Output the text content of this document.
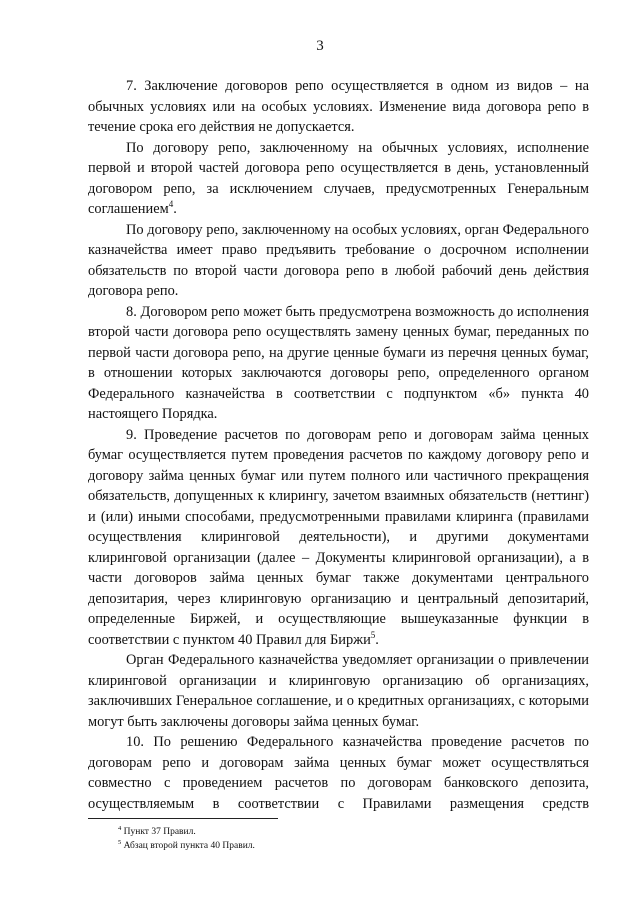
3

7. Заключение договоров репо осуществляется в одном из видов – на обычных условиях или на особых условиях. Изменение вида договора репо в течение срока его действия не допускается.

По договору репо, заключенному на обычных условиях, исполнение первой и второй частей договора репо осуществляется в день, установленный договором репо, за исключением случаев, предусмотренных Генеральным соглашением$^4$.

По договору репо, заключенному на особых условиях, орган Федерального казначейства имеет право предъявить требование о досрочном исполнении обязательств по второй части договора репо в любой рабочий день действия договора репо.

8. Договором репо может быть предусмотрена возможность до исполнения второй части договора репо осуществлять замену ценных бумаг, переданных по первой части договора репо, на другие ценные бумаги из перечня ценных бумаг, в отношении которых заключаются договоры репо, определенного органом Федерального казначейства в соответствии с подпунктом «б» пункта 40 настоящего Порядка.

9. Проведение расчетов по договорам репо и договорам займа ценных бумаг осуществляется путем проведения расчетов по каждому договору репо и договору займа ценных бумаг или путем полного или частичного прекращения обязательств, допущенных к клирингу, зачетом взаимных обязательств (неттинг) и (или) иными способами, предусмотренными правилами клиринга (правилами осуществления клиринговой деятельности), и другими документами клиринговой организации (далее – Документы клиринговой организации), а в части договоров займа ценных бумаг также документами центрального депозитария, через клиринговую организацию и центральный депозитарий, определенные Биржей, и осуществляющие вышеуказанные функции в соответствии с пунктом 40 Правил для Биржи$^5$.

Орган Федерального казначейства уведомляет организации о привлечении клиринговой организации и клиринговую организацию об организациях, заключивших Генеральное соглашение, и о кредитных организациях, с которыми могут быть заключены договоры займа ценных бумаг.

10. По решению Федерального казначейства проведение расчетов по договорам репо и договорам займа ценных бумаг может осуществляться совместно с проведением расчетов по договорам банковского депозита, осуществляемым в соответствии с Правилами размещения средств

$^4$ Пункт 37 Правил.

$^5$ Абзац второй пункта 40 Правил.
